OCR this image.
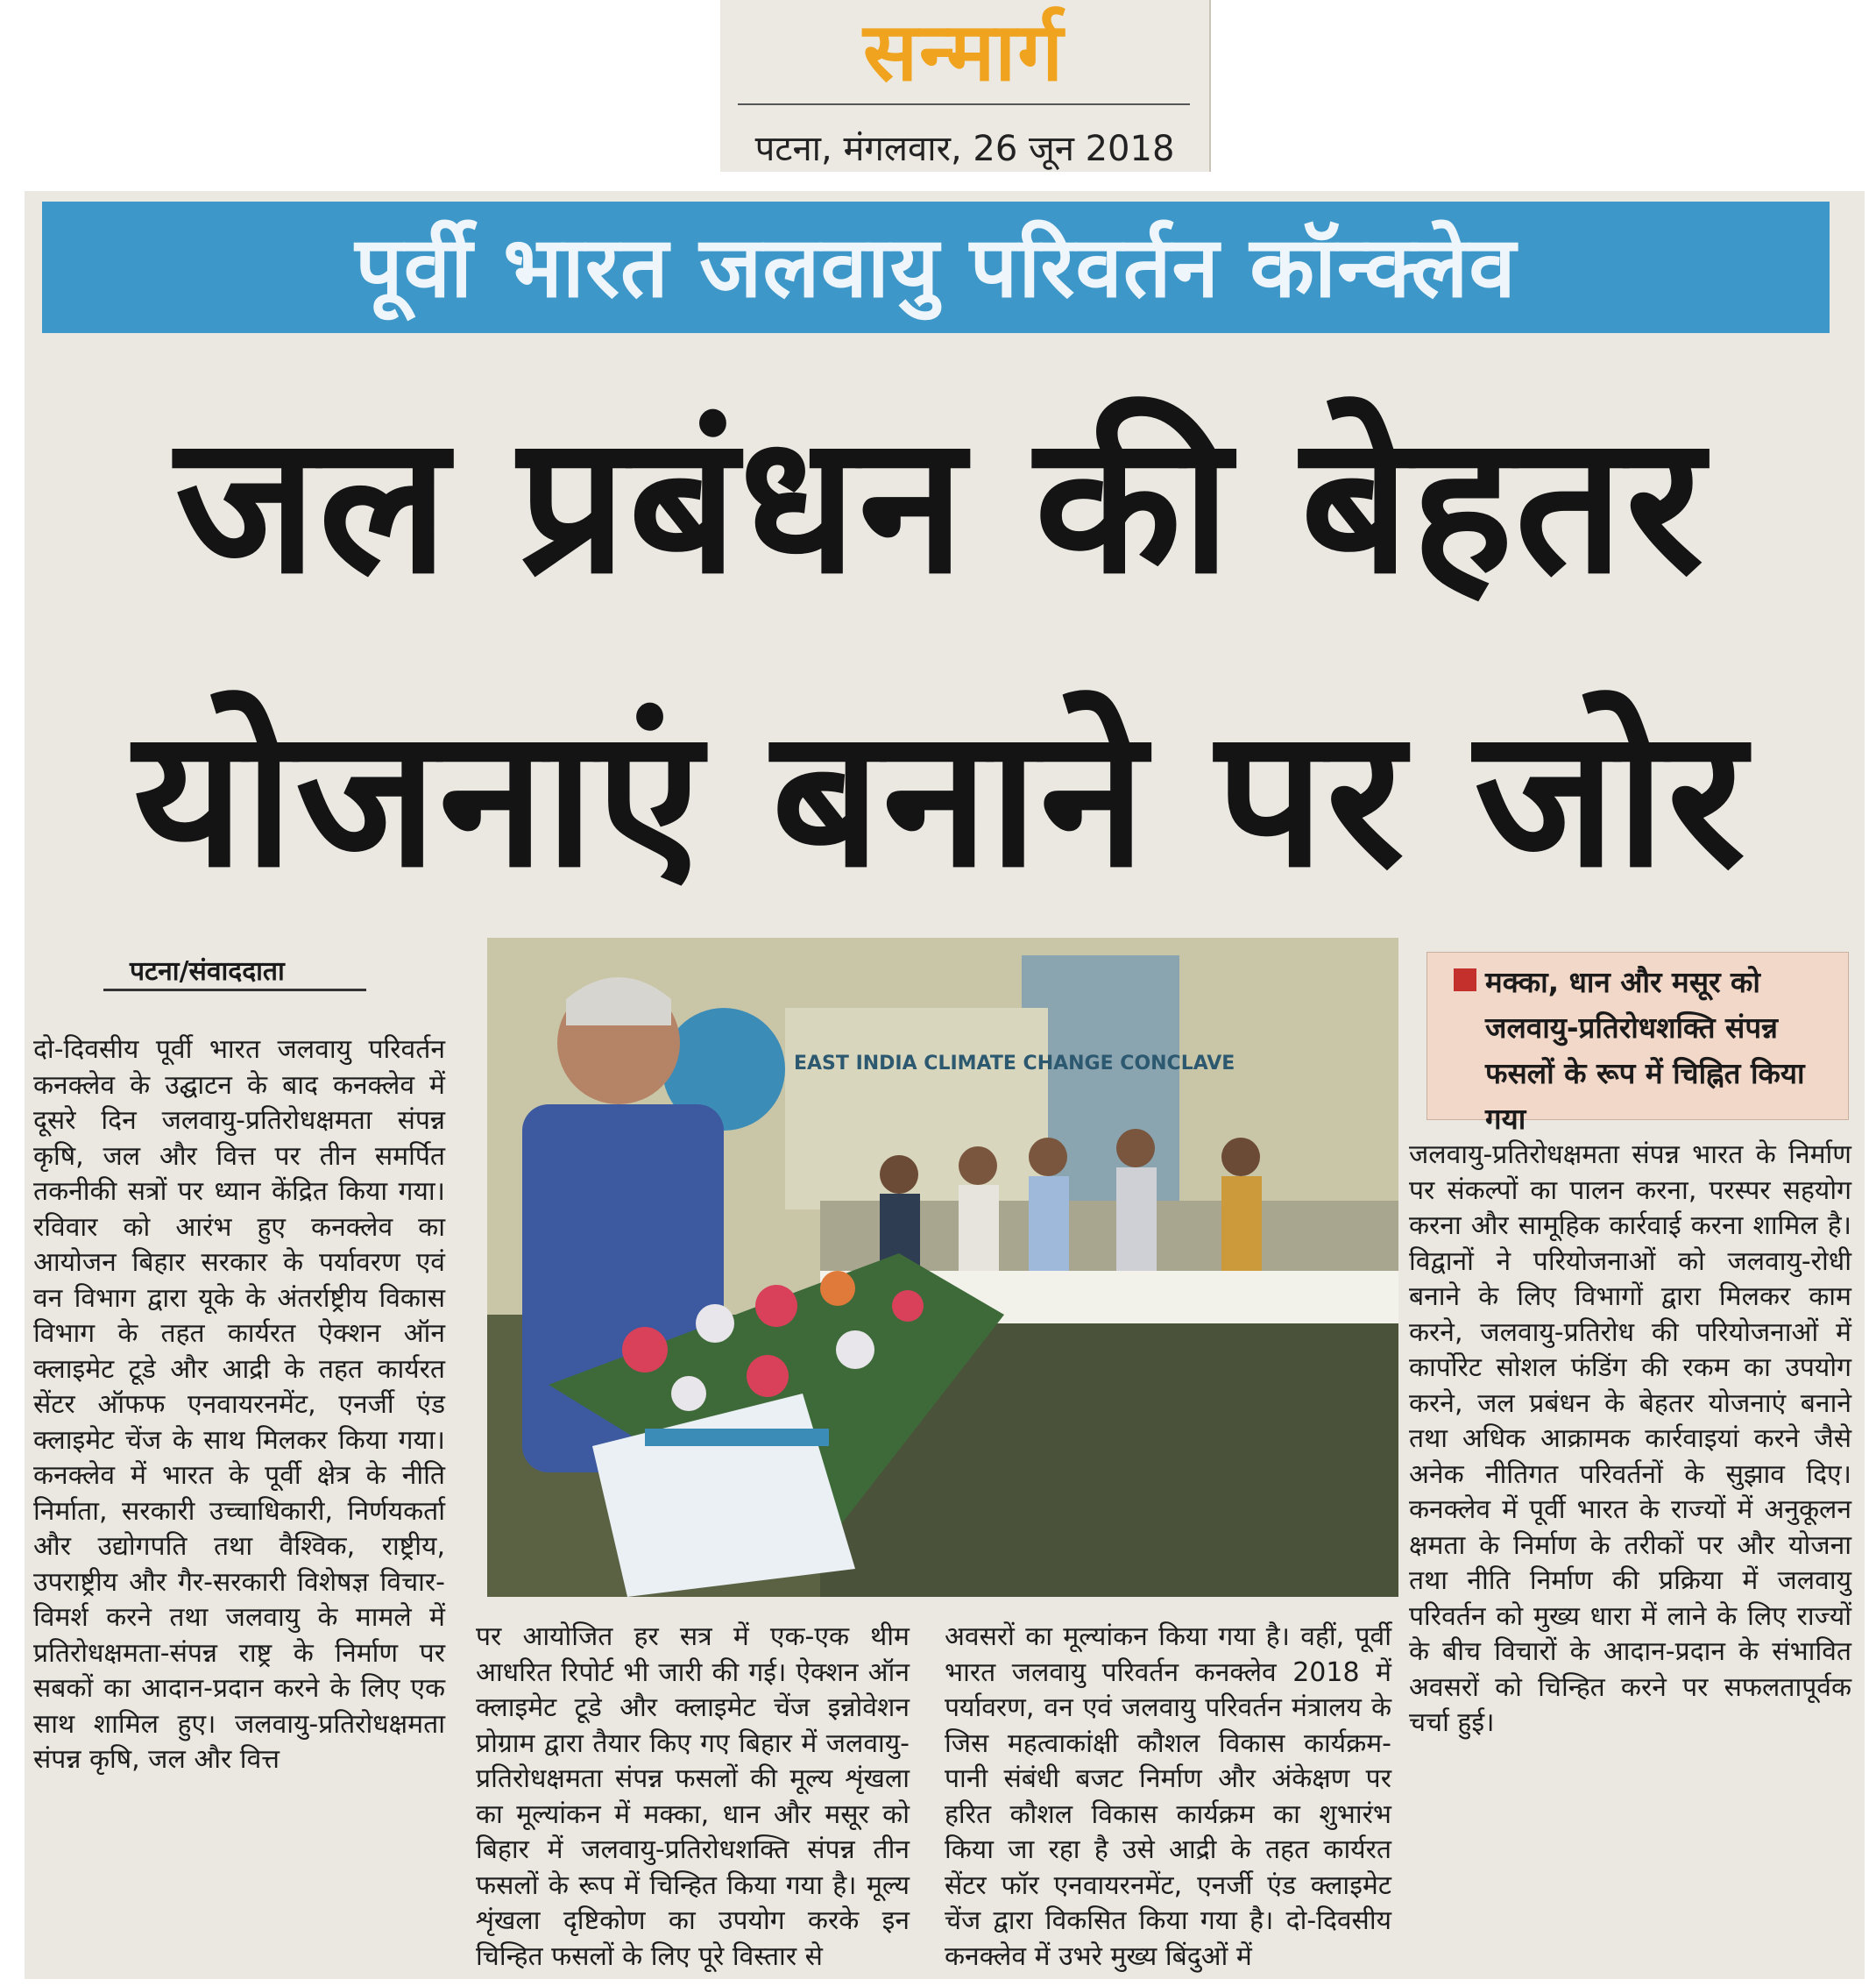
सन्मार्ग
पटना, मंगलवार, 26 जून 2018
पूर्वी भारत जलवायु परिवर्तन कॉन्क्लेव
जल प्रबंधन की बेहतर
योजनाएं बनाने पर जोर
पटना/संवाददाता
दो-दिवसीय पूर्वी भारत जलवायु परिवर्तन कनक्लेव के उद्घाटन के बाद कनक्लेव में दूसरे दिन जलवायु-प्रतिरोधक्षमता संपन्न कृषि, जल और वित्त पर तीन समर्पित तकनीकी सत्रों पर ध्यान केंद्रित किया गया। रविवार को आरंभ हुए कनक्लेव का आयोजन बिहार सरकार के पर्यावरण एवं वन विभाग द्वारा यूके के अंतर्राष्ट्रीय विकास विभाग के तहत कार्यरत ऐक्शन ऑन क्लाइमेट टूडे और आद्री के तहत कार्यरत सेंटर ऑफफ एनवायरनमेंट, एनर्जी एंड क्लाइमेट चेंज के साथ मिलकर किया गया। कनक्लेव में भारत के पूर्वी क्षेत्र के नीति निर्माता, सरकारी उच्चाधिकारी, निर्णयकर्ता और उद्योगपति तथा वैश्विक, राष्ट्रीय, उपराष्ट्रीय और गैर-सरकारी विशेषज्ञ विचार-विमर्श करने तथा जलवायु के मामले में प्रतिरोधक्षमता-संपन्न राष्ट्र के निर्माण पर सबकों का आदान-प्रदान करने के लिए एक साथ शामिल हुए। जलवायु-प्रतिरोधक्षमता संपन्न कृषि, जल और वित्त
EAST INDIA CLIMATE CHANGE CONCLAVE
मक्का, धान और मसूर को जलवायु-प्रतिरोधशक्ति संपन्न फसलों के रूप में चिह्नित किया गया
पर आयोजित हर सत्र में एक-एक थीम आधरित रिपोर्ट भी जारी की गई। ऐक्शन ऑन क्लाइमेट टूडे और क्लाइमेट चेंज इन्नोवेशन प्रोग्राम द्वारा तैयार किए गए बिहार में जलवायु-प्रतिरोधक्षमता संपन्न फसलों की मूल्य शृंखला का मूल्यांकन में मक्का, धान और मसूर को बिहार में जलवायु-प्रतिरोधशक्ति संपन्न तीन फसलों के रूप में चिन्हित किया गया है। मूल्य शृंखला दृष्टिकोण का उपयोग करके इन चिन्हित फसलों के लिए पूरे विस्तार से
अवसरों का मूल्यांकन किया गया है। वहीं, पूर्वी भारत जलवायु परिवर्तन कनक्लेव 2018 में पर्यावरण, वन एवं जलवायु परिवर्तन मंत्रालय के जिस महत्वाकांक्षी कौशल विकास कार्यक्रम- पानी संबंधी बजट निर्माण और अंकेक्षण पर हरित कौशल विकास कार्यक्रम का शुभारंभ किया जा रहा है उसे आद्री के तहत कार्यरत सेंटर फॉर एनवायरनमेंट, एनर्जी एंड क्लाइमेट चेंज द्वारा विकसित किया गया है। दो-दिवसीय कनक्लेव में उभरे मुख्य बिंदुओं में
जलवायु-प्रतिरोधक्षमता संपन्न भारत के निर्माण पर संकल्पों का पालन करना, परस्पर सहयोग करना और सामूहिक कार्रवाई करना शामिल है। विद्वानों ने परियोजनाओं को जलवायु-रोधी बनाने के लिए विभागों द्वारा मिलकर काम करने, जलवायु-प्रतिरोध की परियोजनाओं में कार्पोरेट सोशल फंडिंग की रकम का उपयोग करने, जल प्रबंधन के बेहतर योजनाएं बनाने तथा अधिक आक्रामक कार्रवाइयां करने जैसे अनेक नीतिगत परिवर्तनों के सुझाव दिए। कनक्लेव में पूर्वी भारत के राज्यों में अनुकूलन क्षमता के निर्माण के तरीकों पर और योजना तथा नीति निर्माण की प्रक्रिया में जलवायु परिवर्तन को मुख्य धारा में लाने के लिए राज्यों के बीच विचारों के आदान-प्रदान के संभावित अवसरों को चिन्हित करने पर सफलतापूर्वक चर्चा हुई।
